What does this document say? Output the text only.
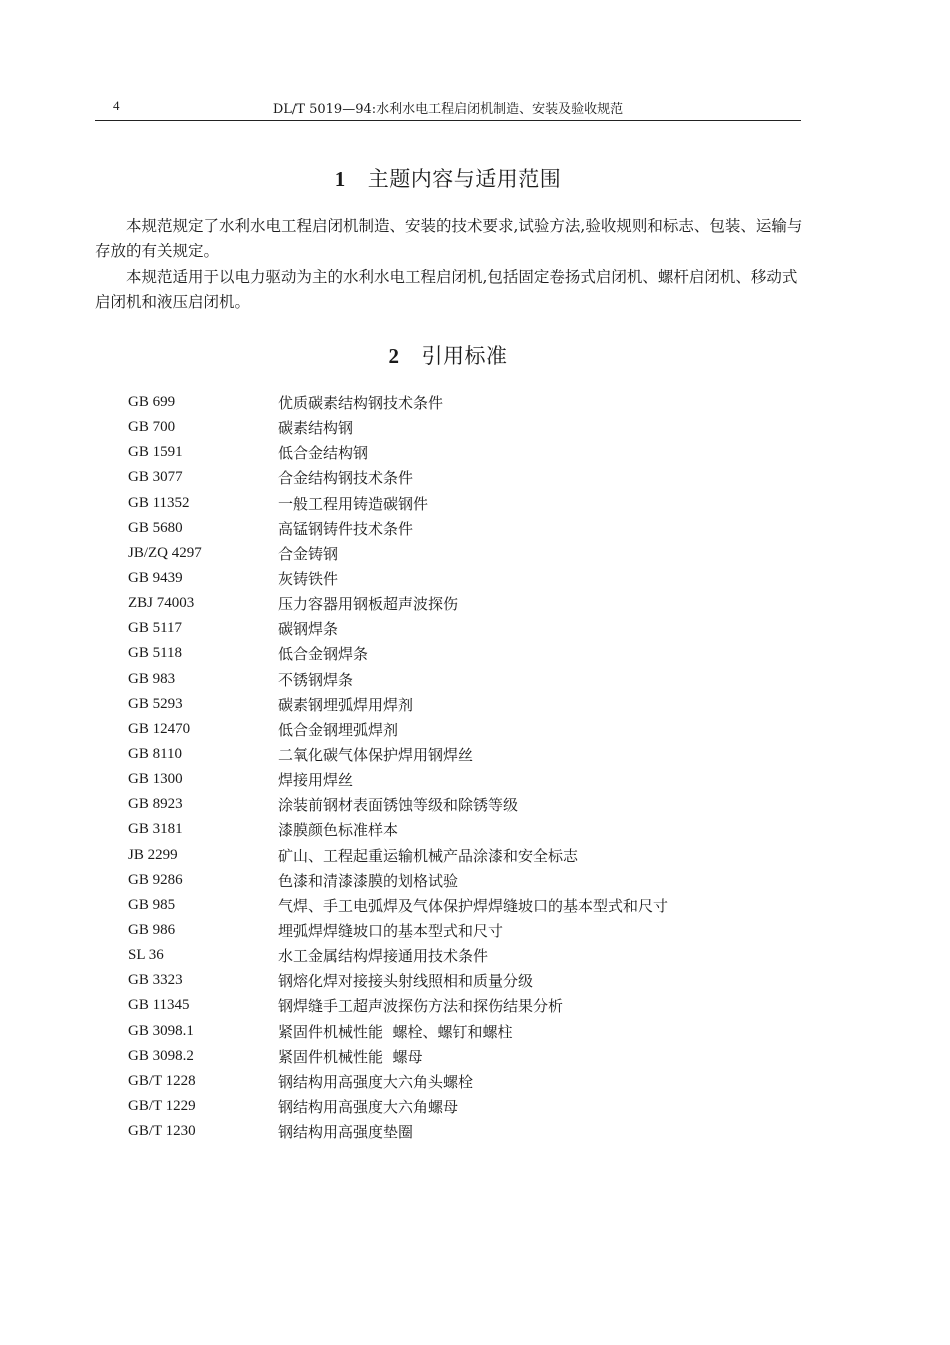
4	DL/T 5019—94:水利水电工程启闭机制造、安装及验收规范
1 主题内容与适用范围

本规范规定了水利水电工程启闭机制造、安装的技术要求,试验方法,验收规则和标志、包装、运输与存放的有关规定。

本规范适用于以电力驱动为主的水利水电工程启闭机,包括固定卷扬式启闭机、螺杆启闭机、移动式启闭机和液压启闭机。

2 引用标准
GB 699	优质碳素结构钢技术条件
GB 700	碳素结构钢
GB 1591	低合金结构钢
GB 3077	合金结构钢技术条件
GB 11352	一般工程用铸造碳钢件
GB 5680	高锰钢铸件技术条件
JB/ZQ 4297	合金铸钢
GB 9439	灰铸铁件
ZBJ 74003	压力容器用钢板超声波探伤
GB 5117	碳钢焊条
GB 5118	低合金钢焊条
GB 983	不锈钢焊条
GB 5293	碳素钢埋弧焊用焊剂
GB 12470	低合金钢埋弧焊剂
GB 8110	二氧化碳气体保护焊用钢焊丝
GB 1300	焊接用焊丝
GB 8923	涂装前钢材表面锈蚀等级和除锈等级
GB 3181	漆膜颜色标准样本
JB 2299	矿山、工程起重运输机械产品涂漆和安全标志
GB 9286	色漆和清漆漆膜的划格试验
GB 985	气焊、手工电弧焊及气体保护焊焊缝坡口的基本型式和尺寸
GB 986	埋弧焊焊缝坡口的基本型式和尺寸
SL 36	水工金属结构焊接通用技术条件
GB 3323	钢熔化焊对接接头射线照相和质量分级
GB 11345	钢焊缝手工超声波探伤方法和探伤结果分析
GB 3098.1	紧固件机械性能  螺栓、螺钉和螺柱
GB 3098.2	紧固件机械性能  螺母
GB/T 1228	钢结构用高强度大六角头螺栓
GB/T 1229	钢结构用高强度大六角螺母
GB/T 1230	钢结构用高强度垫圈
